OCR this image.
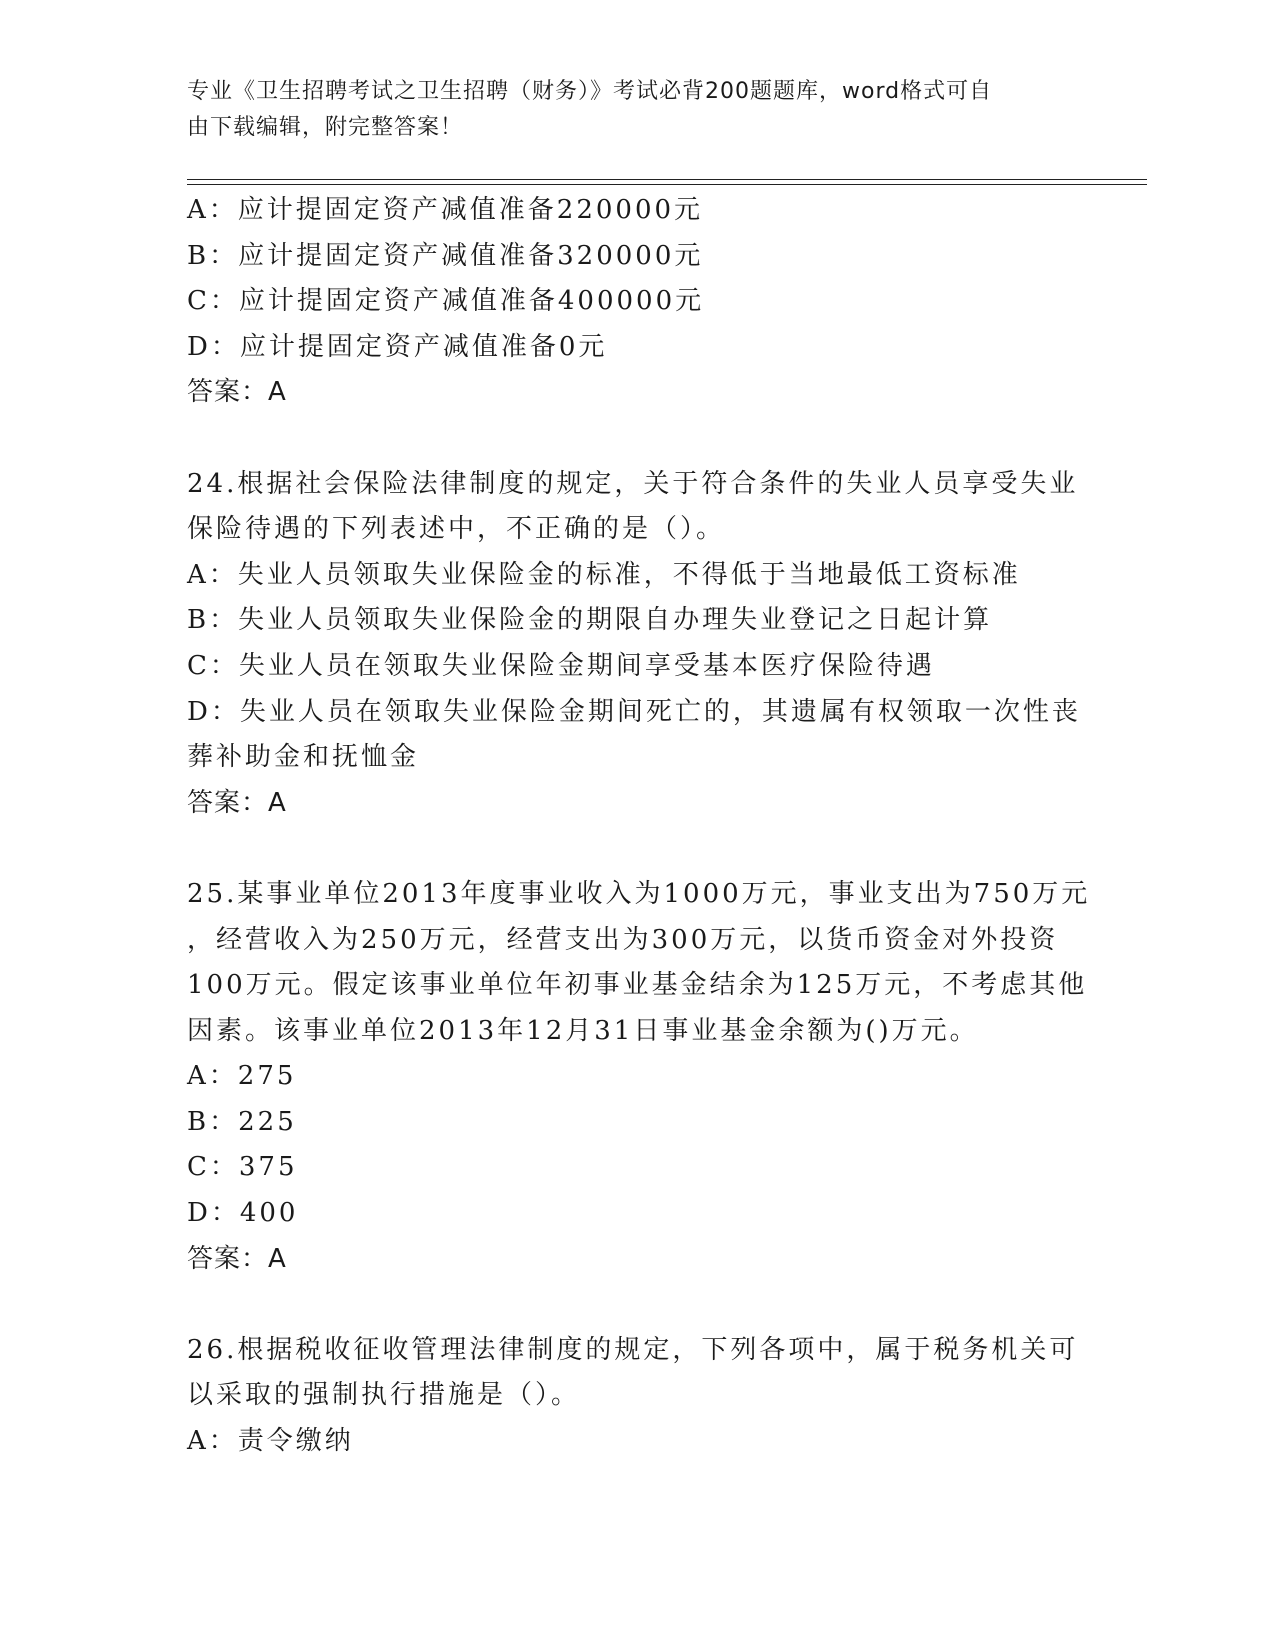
专业《卫生招聘考试之卫生招聘（财务）》考试必背200题题库，word格式可自
由下载编辑，附完整答案！

A：应计提固定资产减值准备220000元

B：应计提固定资产减值准备320000元

C：应计提固定资产减值准备400000元

D：应计提固定资产减值准备0元

答案：A

24.根据社会保险法律制度的规定，关于符合条件的失业人员享受失业

保险待遇的下列表述中，不正确的是（）。

A：失业人员领取失业保险金的标准，不得低于当地最低工资标准

B：失业人员领取失业保险金的期限自办理失业登记之日起计算

C：失业人员在领取失业保险金期间享受基本医疗保险待遇

D：失业人员在领取失业保险金期间死亡的，其遗属有权领取一次性丧

葬补助金和抚恤金

答案：A

25.某事业单位2013年度事业收入为1000万元，事业支出为750万元

，经营收入为250万元，经营支出为300万元，以货币资金对外投资

100万元。假定该事业单位年初事业基金结余为125万元，不考虑其他

因素。该事业单位2013年12月31日事业基金余额为()万元。

A：275

B：225

C：375

D：400

答案：A

26.根据税收征收管理法律制度的规定，下列各项中，属于税务机关可

以采取的强制执行措施是（）。

A：责令缴纳
